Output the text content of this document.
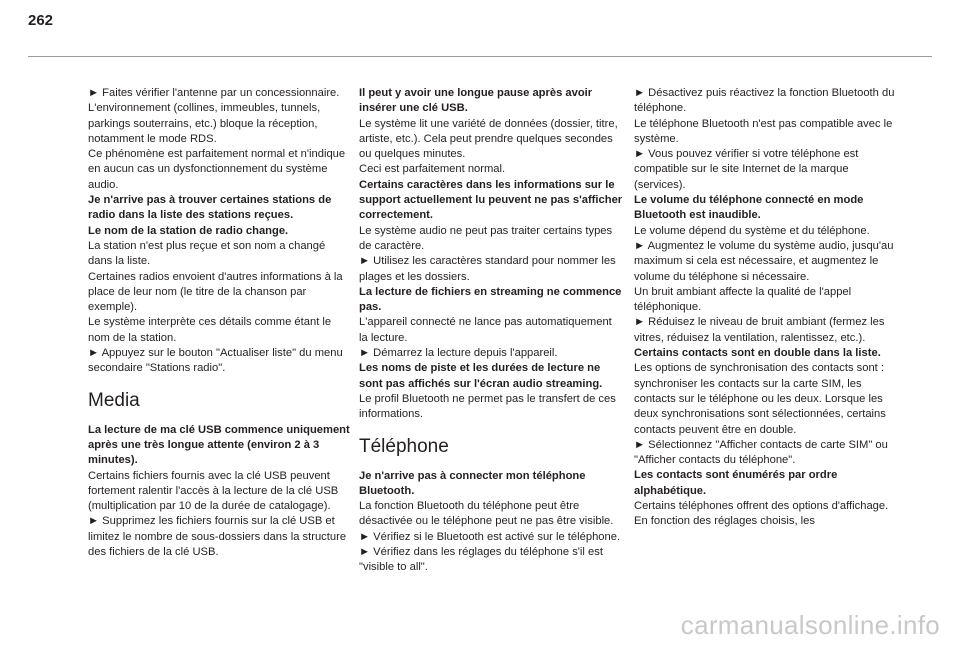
262

► Faites vérifier l'antenne par un concessionnaire.

L'environnement (collines, immeubles, tunnels, parkings souterrains, etc.) bloque la réception, notamment le mode RDS.

Ce phénomène est parfaitement normal et n'indique en aucun cas un dysfonctionnement du système audio.

Je n'arrive pas à trouver certaines stations de radio dans la liste des stations reçues.

Le nom de la station de radio change.

La station n'est plus reçue et son nom a changé dans la liste.

Certaines radios envoient d'autres informations à la place de leur nom (le titre de la chanson par exemple).

Le système interprète ces détails comme étant le nom de la station.

► Appuyez sur le bouton "Actualiser liste" du menu secondaire "Stations radio".

Media

La lecture de ma clé USB commence uniquement après une très longue attente (environ 2 à 3 minutes).

Certains fichiers fournis avec la clé USB peuvent fortement ralentir l'accès à la lecture de la clé USB (multiplication par 10 de la durée de catalogage).

► Supprimez les fichiers fournis sur la clé USB et limitez le nombre de sous-dossiers dans la structure des fichiers de la clé USB.

Il peut y avoir une longue pause après avoir insérer une clé USB.

Le système lit une variété de données (dossier, titre, artiste, etc.). Cela peut prendre quelques secondes ou quelques minutes.

Ceci est parfaitement normal.

Certains caractères dans les informations sur le support actuellement lu peuvent ne pas s'afficher correctement.

Le système audio ne peut pas traiter certains types de caractère.

► Utilisez les caractères standard pour nommer les plages et les dossiers.

La lecture de fichiers en streaming ne commence pas.

L'appareil connecté ne lance pas automatiquement la lecture.

► Démarrez la lecture depuis l'appareil.

Les noms de piste et les durées de lecture ne sont pas affichés sur l'écran audio streaming.

Le profil Bluetooth ne permet pas le transfert de ces informations.

Téléphone

Je n'arrive pas à connecter mon téléphone Bluetooth.

La fonction Bluetooth du téléphone peut être désactivée ou le téléphone peut ne pas être visible.

► Vérifiez si le Bluetooth est activé sur le téléphone.

► Vérifiez dans les réglages du téléphone s'il est "visible to all".

► Désactivez puis réactivez la fonction Bluetooth du téléphone.

Le téléphone Bluetooth n'est pas compatible avec le système.

► Vous pouvez vérifier si votre téléphone est compatible sur le site Internet de la marque (services).

Le volume du téléphone connecté en mode Bluetooth est inaudible.

Le volume dépend du système et du téléphone.

► Augmentez le volume du système audio, jusqu'au maximum si cela est nécessaire, et augmentez le volume du téléphone si nécessaire.

Un bruit ambiant affecte la qualité de l'appel téléphonique.

► Réduisez le niveau de bruit ambiant (fermez les vitres, réduisez la ventilation, ralentissez, etc.).

Certains contacts sont en double dans la liste.

Les options de synchronisation des contacts sont : synchroniser les contacts sur la carte SIM, les contacts sur le téléphone ou les deux. Lorsque les deux synchronisations sont sélectionnées, certains contacts peuvent être en double.

► Sélectionnez "Afficher contacts de carte SIM" ou "Afficher contacts du téléphone".

Les contacts sont énumérés par ordre alphabétique.

Certains téléphones offrent des options d'affichage. En fonction des réglages choisis, les

carmanualsonline.info
